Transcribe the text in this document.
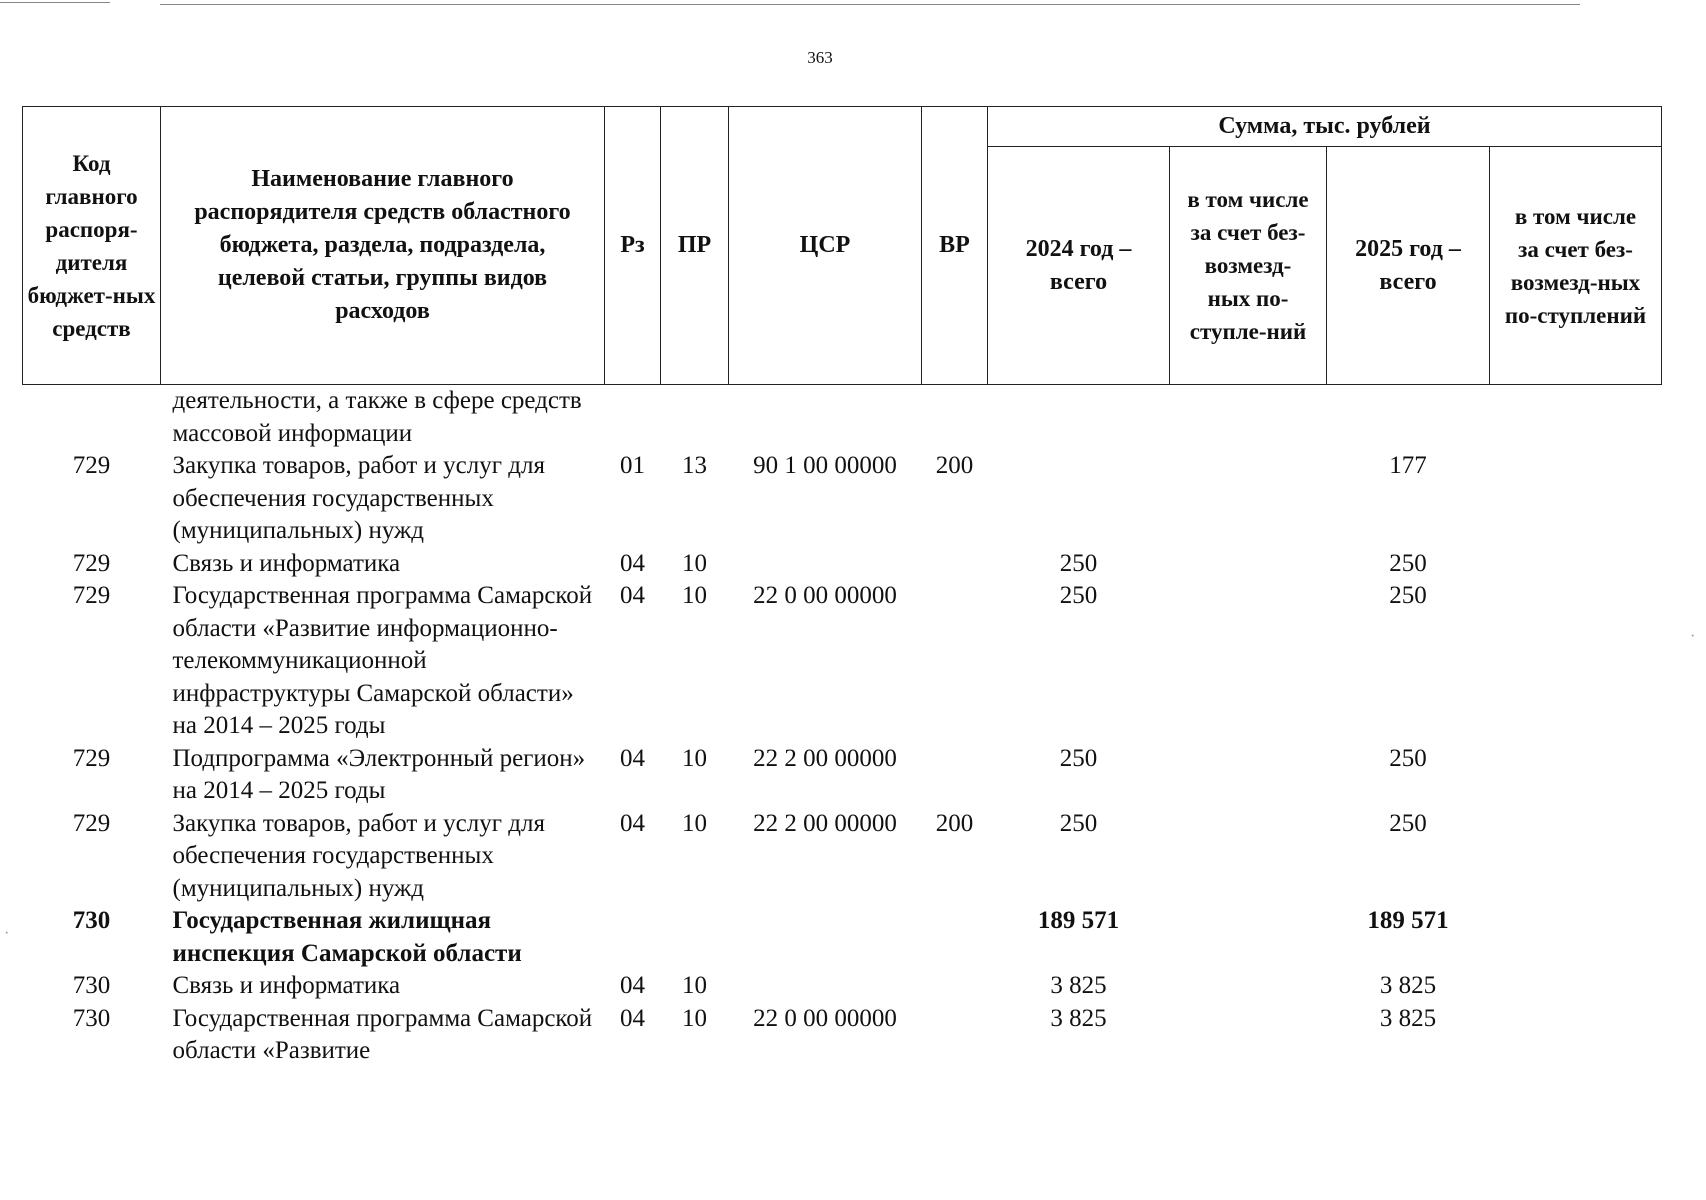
363
Код главного распоря-дителя бюджет-ных средств	Наименование главного распорядителя средств областного бюджета, раздела, подраздела, целевой статьи, группы видов расходов	Рз	ПР	ЦСР	ВР	Сумма, тыс. рублей			
						2024 год – всего	в том числе за счет без-возмезд-ных по-ступле-ний	2025 год – всего	в том числе за счет без-возмезд-ных по-ступлений
	деятельности, а также в сфере средств массовой информации								
729	Закупка товаров, работ и услуг для обеспечения государственных (муниципальных) нужд	01	13	90 1 00 00000	200			177	
729	Связь и информатика	04	10			250		250	
729	Государственная программа Самарской области «Развитие информационно-телекоммуникационной инфраструктуры Самарской области» на 2014 – 2025 годы	04	10	22 0 00 00000		250		250	
729	Подпрограмма «Электронный регион» на 2014 – 2025 годы	04	10	22 2 00 00000		250		250	
729	Закупка товаров, работ и услуг для обеспечения государственных (муниципальных) нужд	04	10	22 2 00 00000	200	250		250	
730	Государственная жилищная инспекция Самарской области					189 571		189 571	
730	Связь и информатика	04	10			3 825		3 825	
730	Государственная программа Самарской области «Развитие	04	10	22 0 00 00000		3 825		3 825	
·
·
